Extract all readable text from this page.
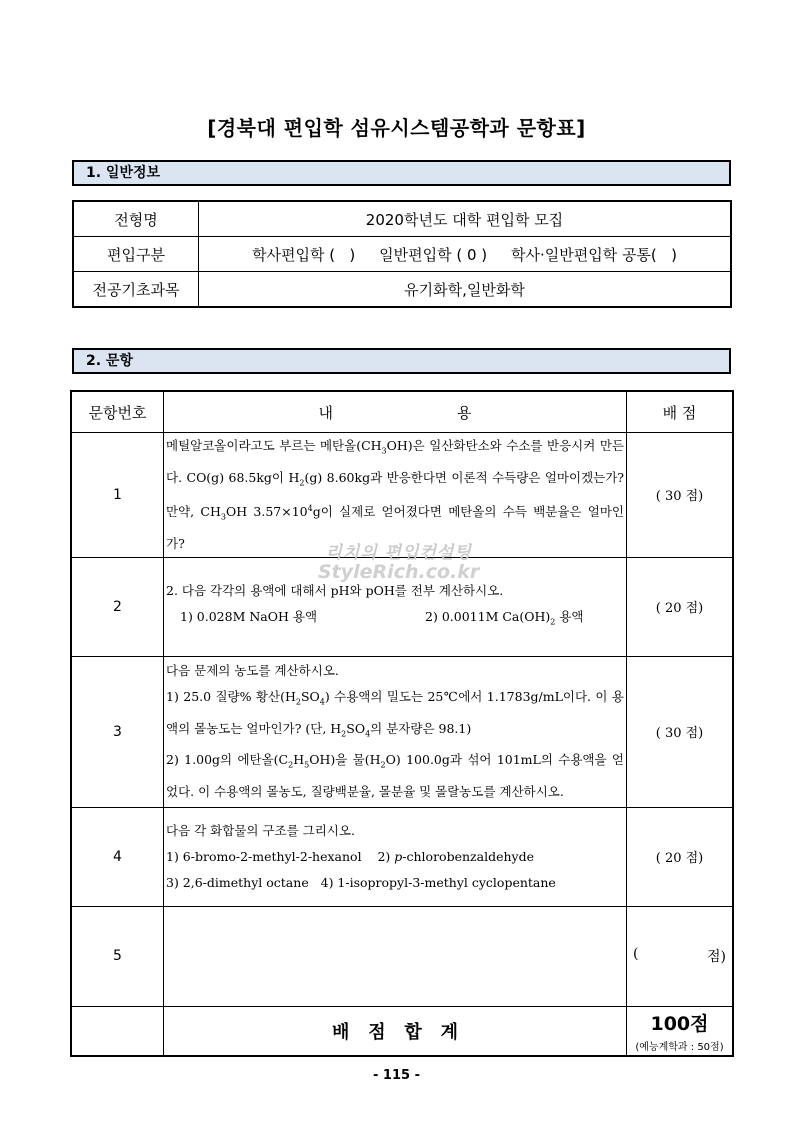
[경북대 편입학 섬유시스템공학과 문항표]
1. 일반정보
전형명	2020학년도 대학 편입학 모집
편입구분	학사편입학 (   )     일반편입학 ( 0 )     학사·일반편입학 공통(   )
전공기초과목	유기화학,일반화학
2. 문항
문항번호	내                          용	배 점
1	메틸알코올이라고도 부르는 메탄올$(CH_3OH)$은 일산화탄소와 수소를 반응시켜 만든다. CO(g) 68.5kg이 $H_2(g)$ 8.60kg과 반응한다면 이론적 수득량은 얼마이겠는가? 만약, $CH_3OH$ $3.57\times 10^4g$이 실제로 얻어졌다면 메탄올의 수득 백분율은 얼마인가?	( 30 점)
2	2. 다음 각각의 용액에 대해서 pH와 pOH를 전부 계산하시오.

1) 0.028M NaOH 용액 2) 0.0011M $Ca(OH)_2$ 용액	( 20 점)
3	다음 문제의 농도를 계산하시오.

1) 25.0 질량% 황산$(H_2SO_4)$ 수용액의 밀도는 25℃에서 1.1783g/mL이다. 이 용액의 몰농도는 얼마인가? (단, $H_2SO_4$의 분자량은 98.1)

2) 1.00g의 에탄올$(C_2H_5OH)$을 물$(H_2O)$ 100.0g과 섞어 101mL의 수용액을 얻었다. 이 수용액의 몰농도, 질량백분율, 몰분율 및 몰랄농도를 계산하시오.	( 30 점)
4	다음 각 화합물의 구조를 그리시오.

1) 6-bromo-2-methyl-2-hexanol    2) p-chlorobenzaldehyde

3) 2,6-dimethyl octane   4) 1-isopropyl-3-methyl cyclopentane	( 20 점)
5		( 점)

	배   점   합   계	100점
(예능계학과 : 50점)
리치의 편입컨설팅
StyleRich.co.kr
- 115 -
